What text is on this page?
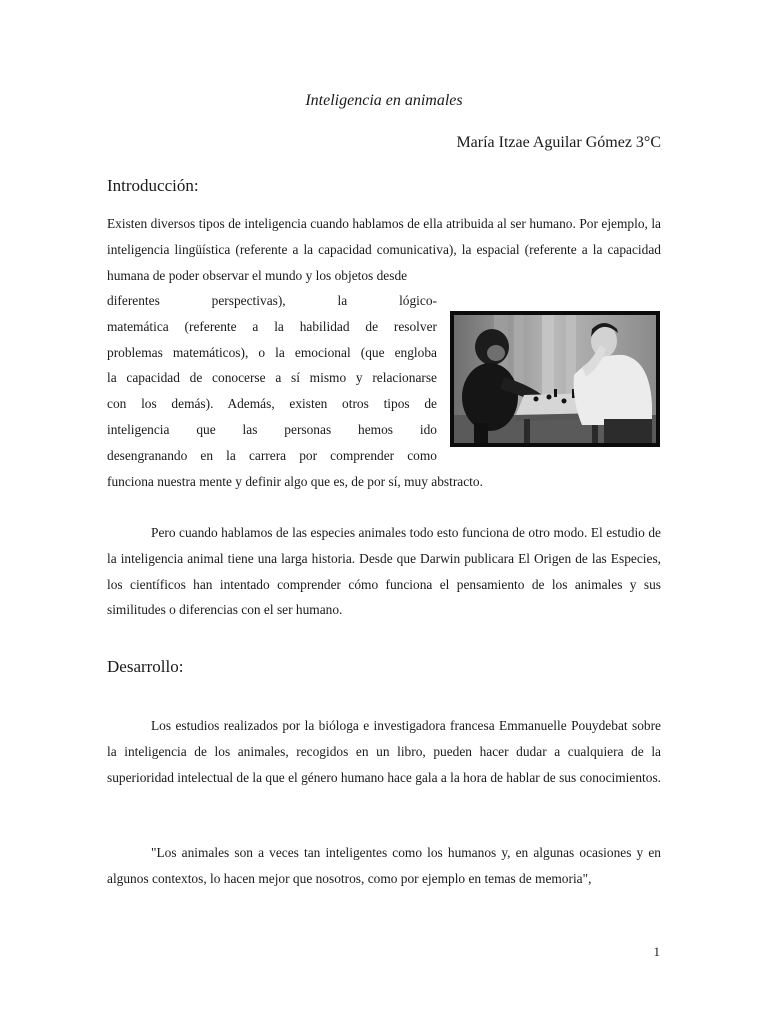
Inteligencia en animales
María Itzae Aguilar Gómez 3°C
Introducción:

Existen diversos tipos de inteligencia cuando hablamos de ella atribuida al ser humano. Por ejemplo, la inteligencia lingüística (referente a la capacidad comunicativa), la espacial (referente a la capacidad humana de poder observar el mundo y los objetos desde

diferentes perspectivas), la lógico-
matemática (referente a la habilidad de resolver
problemas matemáticos), o la emocional (que engloba
la capacidad de conocerse a sí mismo y relacionarse
con los demás). Además, existen otros tipos de
inteligencia que las personas hemos ido
desengranando en la carrera por comprender como

funciona nuestra mente y definir algo que es, de por sí, muy abstracto.

Pero cuando hablamos de las especies animales todo esto funciona de otro modo. El estudio de la inteligencia animal tiene una larga historia. Desde que Darwin publicara El Origen de las Especies, los científicos han intentado comprender cómo funciona el pensamiento de los animales y sus similitudes o diferencias con el ser humano.

Desarrollo:

Los estudios realizados por la bióloga e investigadora francesa Emmanuelle Pouydebat sobre la inteligencia de los animales, recogidos en un libro, pueden hacer dudar a cualquiera de la superioridad intelectual de la que el género humano hace gala a la hora de hablar de sus conocimientos.

"Los animales son a veces tan inteligentes como los humanos y, en algunas ocasiones y en algunos contextos, lo hacen mejor que nosotros, como por ejemplo en temas de memoria",

1
